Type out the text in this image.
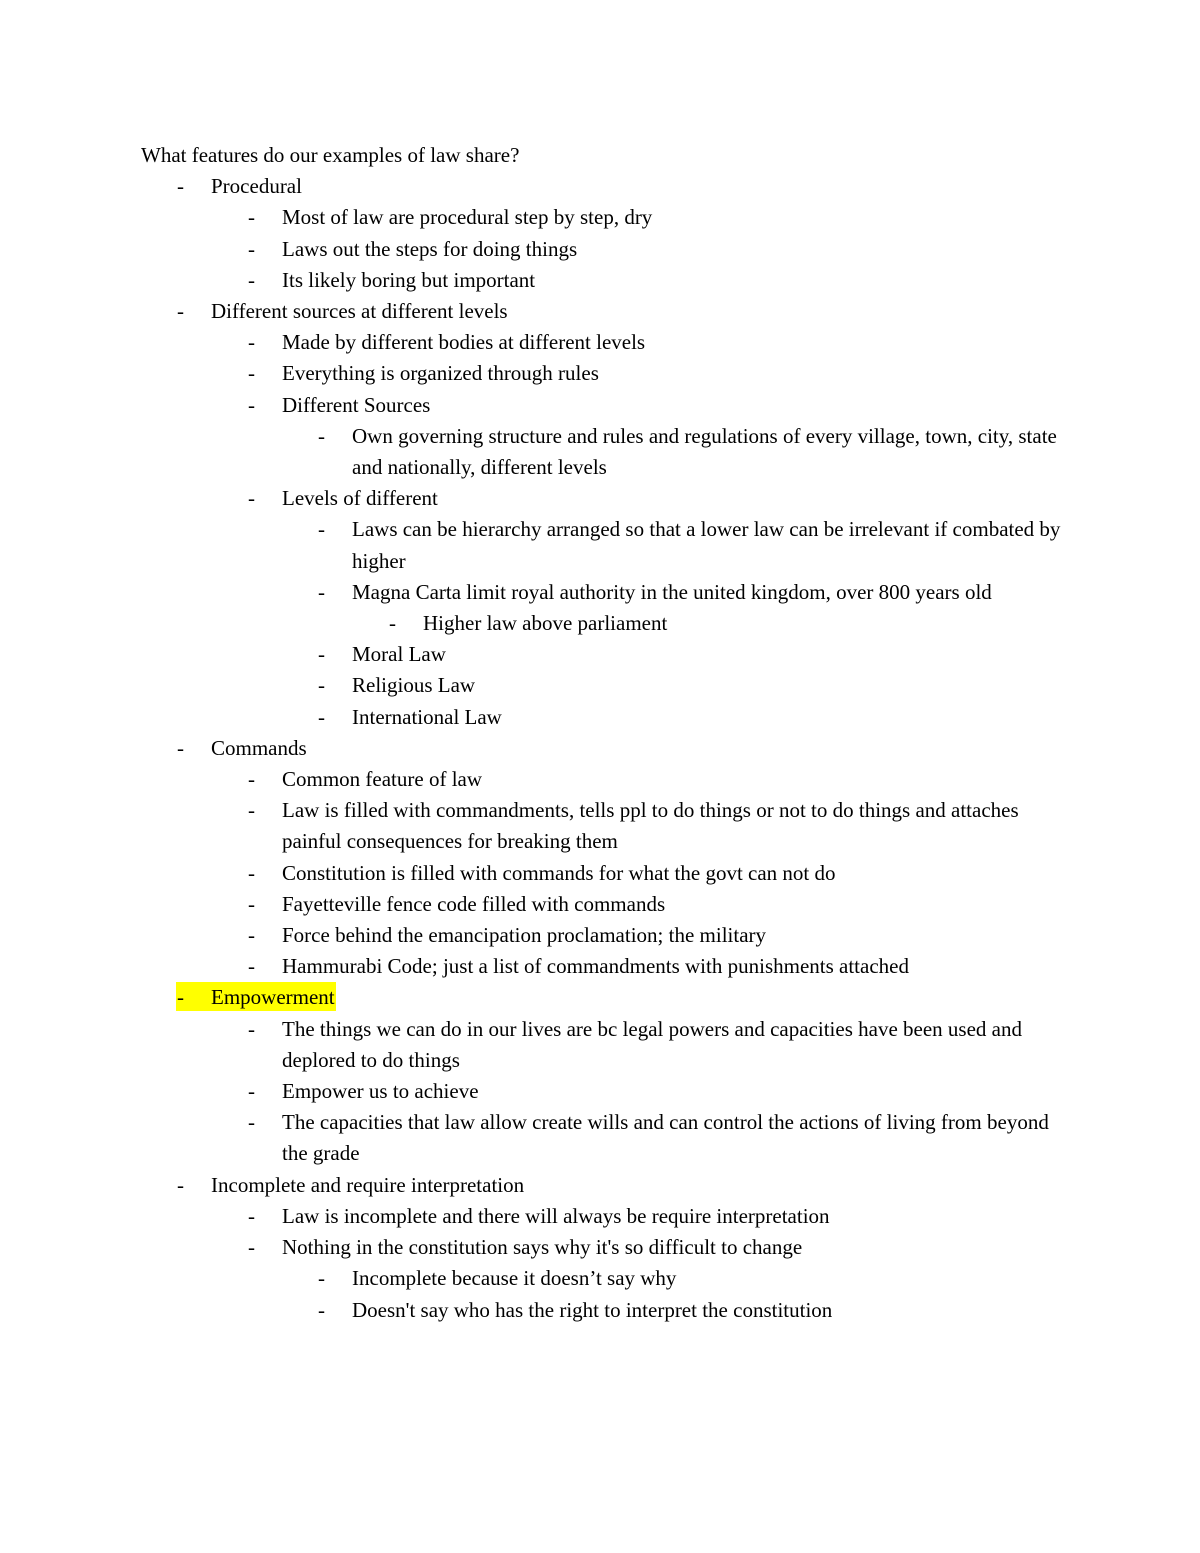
What features do our examples of law share?

-	Procedural
-	Most of law are procedural step by step, dry
-	Laws out the steps for doing things
-	Its likely boring but important
-	Different sources at different levels
-	Made by different bodies at different levels
-	Everything is organized through rules
-	Different Sources
-	Own governing structure and rules and regulations of every village, town, city, state and nationally, different levels
-	Levels of different
-	Laws can be hierarchy arranged so that a lower law can be irrelevant if combated by higher
-	Magna Carta limit royal authority in the united kingdom, over 800 years old
-	Higher law above parliament
-	Moral Law
-	Religious Law
-	International Law
-	Commands
-	Common feature of law
-	Law is filled with commandments, tells ppl to do things or not to do things and attaches painful consequences for breaking them
-	Constitution is filled with commands for what the govt can not do
-	Fayetteville fence code filled with commands
-	Force behind the emancipation proclamation; the military
-	Hammurabi Code; just a list of commandments with punishments attached
-	Empowerment
-	The things we can do in our lives are bc legal powers and capacities have been used and deplored to do things
-	Empower us to achieve
-	The capacities that law allow create wills and can control the actions of living from beyond the grade
-	Incomplete and require interpretation
-	Law is incomplete and there will always be require interpretation
-	Nothing in the constitution says why it's so difficult to change
-	Incomplete because it doesn’t say why
-	Doesn't say who has the right to interpret the constitution
